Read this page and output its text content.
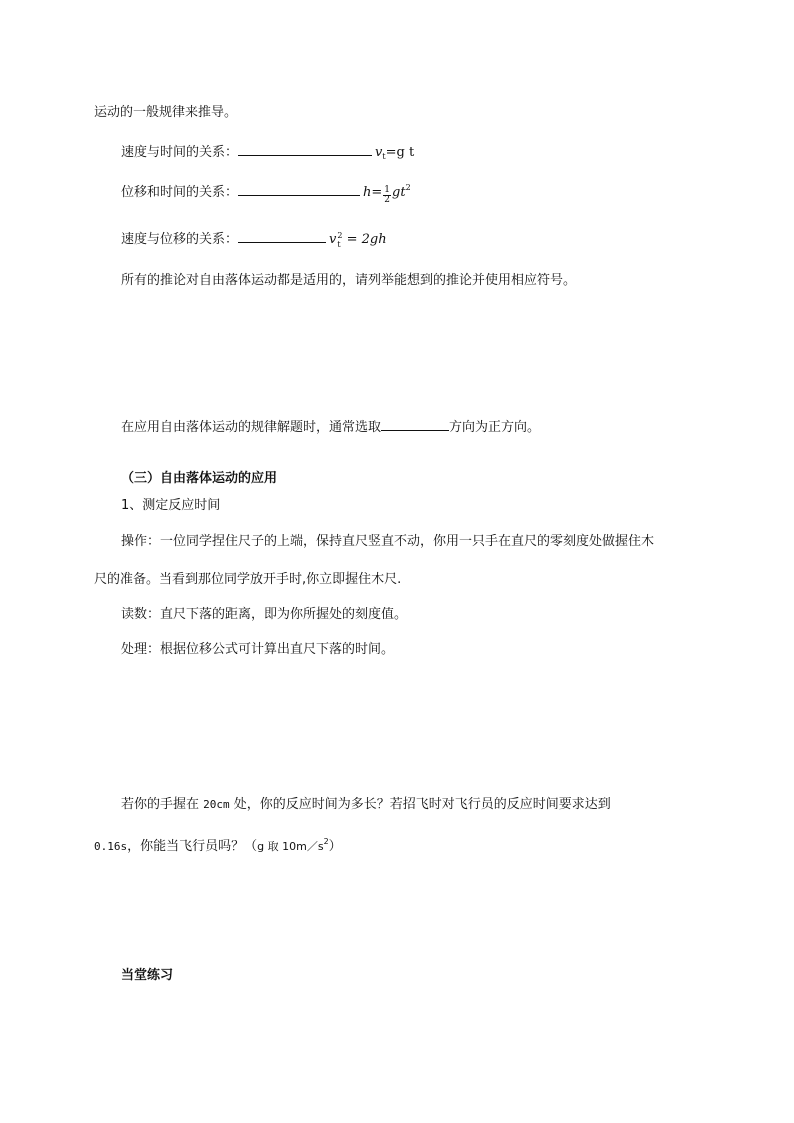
运动的一般规律来推导。
速度与时间的关系：	$v_t=g$ t
位移和时间的关系：	$h= \frac{1}{2} gt^2$
速度与位移的关系：	v 2
t = 2gh
所有的推论对自由落体运动都是适用的，请列举能想到的推论并使用相应符号。
在应用自由落体运动的规律解题时，通常选取	方向为正方向。
（三）自由落体运动的应用
1、测定反应时间
操作：一位同学捏住尺子的上端，保持直尺竖直不动，你用一只手在直尺的零刻度处做握住木
尺的准备。当看到那位同学放开手时,你立即握住木尺.
读数：直尺下落的距离，即为你所握处的刻度值。
处理：根据位移公式可计算出直尺下落的时间。
若你的手握在 20cm 处，你的反应时间为多长？若招飞时对飞行员的反应时间要求达到
0.16s，你能当飞行员吗？（g 取 $10m/s^2$）
当堂练习
